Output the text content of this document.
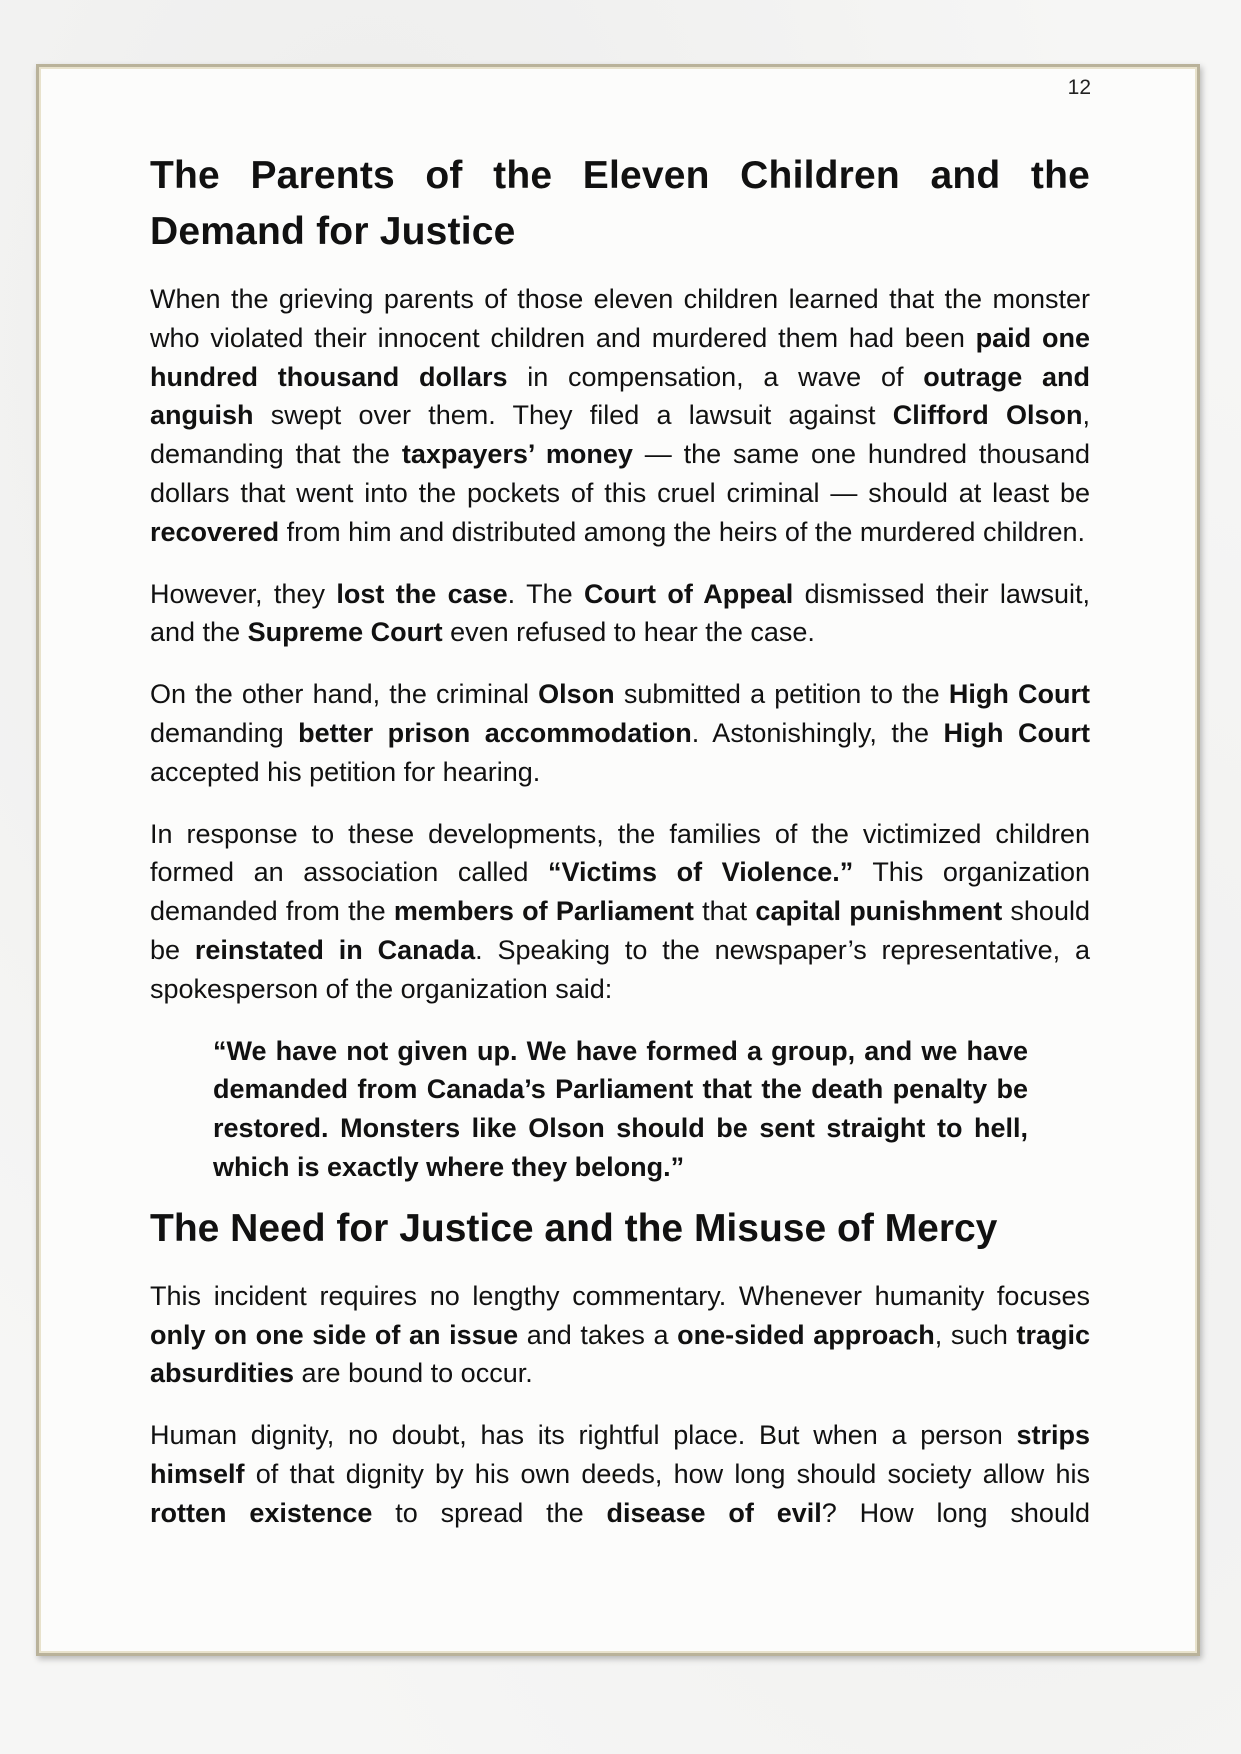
12
The Parents of the Eleven Children and the Demand for Justice

When the grieving parents of those eleven children learned that the monster who violated their innocent children and murdered them had been paid one hundred thousand dollars in compensation, a wave of outrage and anguish swept over them. They filed a lawsuit against Clifford Olson, demanding that the taxpayers’ money — the same one hundred thousand dollars that went into the pockets of this cruel criminal — should at least be recovered from him and distributed among the heirs of the murdered children.

However, they lost the case. The Court of Appeal dismissed their lawsuit, and the Supreme Court even refused to hear the case.

On the other hand, the criminal Olson submitted a petition to the High Court demanding better prison accommodation. Astonishingly, the High Court accepted his petition for hearing.

In response to these developments, the families of the victimized children formed an association called “Victims of Violence.” This organization demanded from the members of Parliament that capital punishment should be reinstated in Canada. Speaking to the newspaper’s representative, a spokesperson of the organization said:

“We have not given up. We have formed a group, and we have demanded from Canada’s Parliament that the death penalty be restored. Monsters like Olson should be sent straight to hell, which is exactly where they belong.”
The Need for Justice and the Misuse of Mercy

This incident requires no lengthy commentary. Whenever humanity focuses only on one side of an issue and takes a one-sided approach, such tragic absurdities are bound to occur.

Human dignity, no doubt, has its rightful place. But when a person strips himself of that dignity by his own deeds, how long should society allow his rotten existence to spread the disease of evil? How long should
